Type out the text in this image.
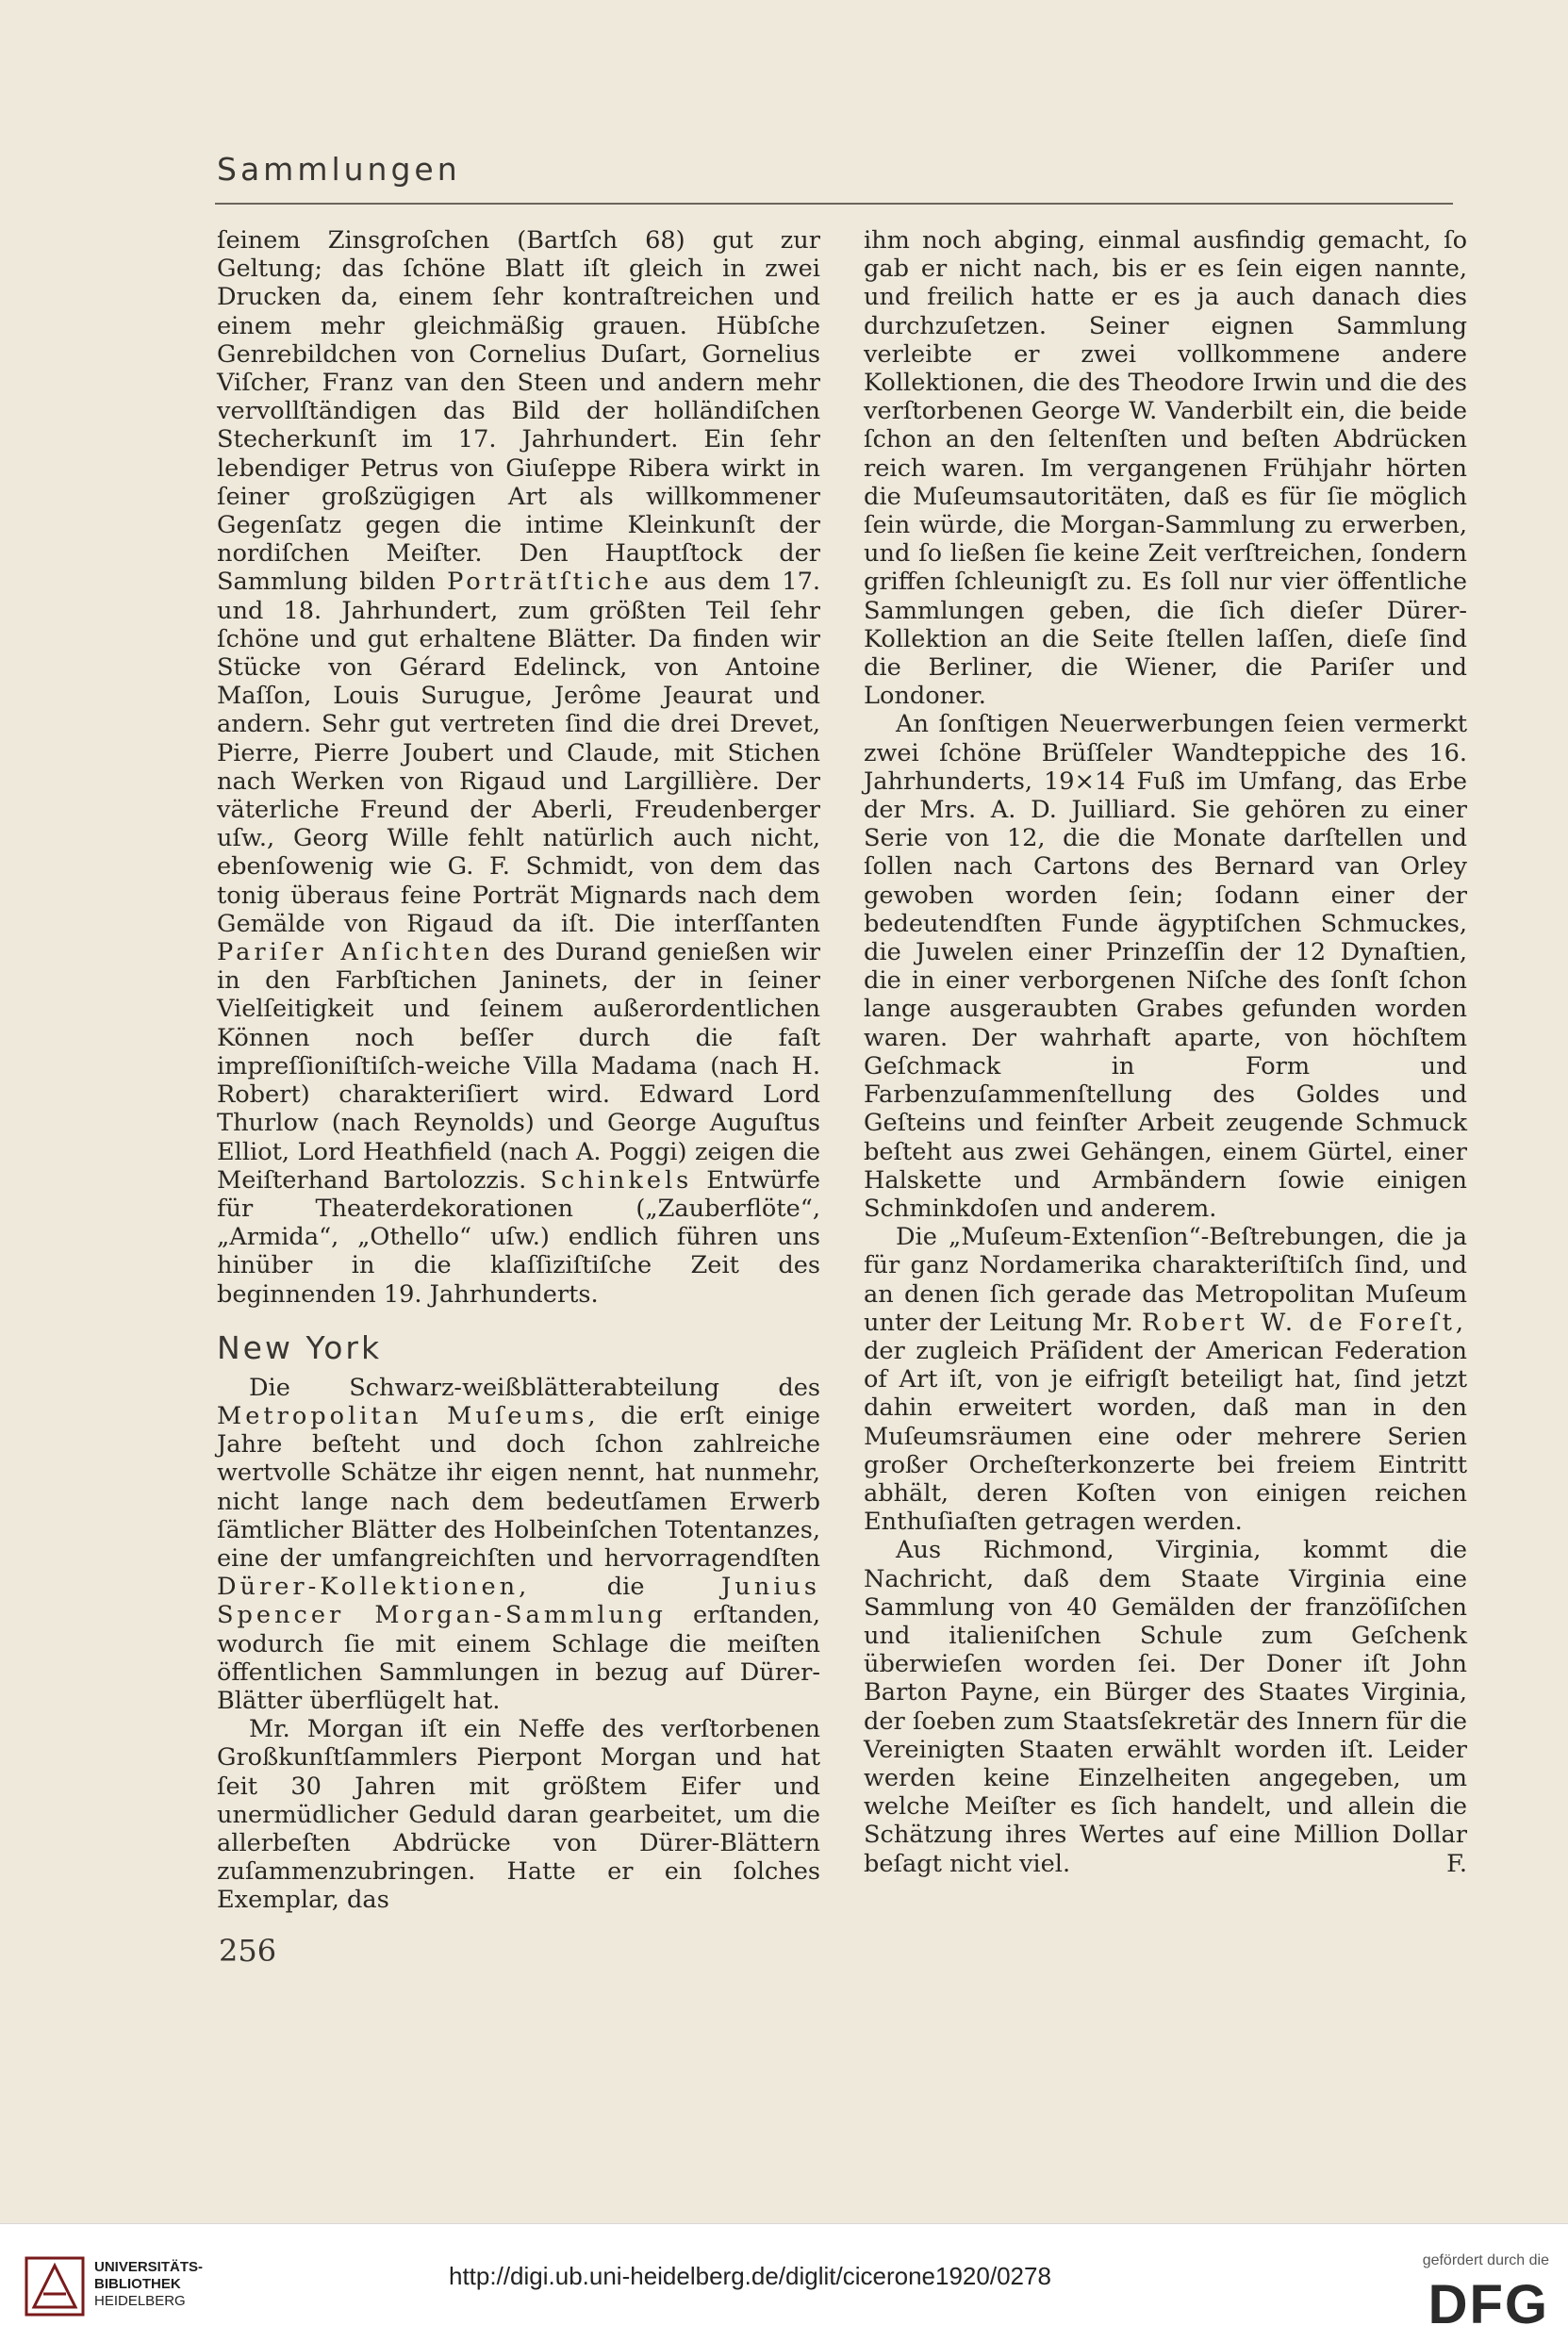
Sammlungen

ſeinem Zinsgroſchen (Bartſch 68) gut zur Geltung; das ſchöne Blatt iſt gleich in zwei Drucken da, einem ſehr kontraſtreichen und einem mehr gleichmäßig grauen. Hübſche Genrebildchen von Cornelius Duſart, Gornelius Viſcher, Franz van den Steen und andern mehr vervollſtändigen das Bild der holländiſchen Stecherkunſt im 17. Jahrhundert. Ein ſehr lebendiger Petrus von Giuſeppe Ribera wirkt in ſeiner großzügigen Art als willkommener Gegenſatz gegen die intime Kleinkunſt der nordiſchen Meiſter. Den Hauptſtock der Sammlung bilden Porträtſtiche aus dem 17. und 18. Jahrhundert, zum größten Teil ſehr ſchöne und gut erhaltene Blätter. Da finden wir Stücke von Gérard Edelinck, von Antoine Maſſon, Louis Surugue, Jerôme Jeaurat und andern. Sehr gut vertreten ſind die drei Drevet, Pierre, Pierre Joubert und Claude, mit Stichen nach Werken von Rigaud und Largillière. Der väterliche Freund der Aberli, Freudenberger uſw., Georg Wille fehlt natürlich auch nicht, ebenſowenig wie G. F. Schmidt, von dem das tonig überaus feine Porträt Mignards nach dem Gemälde von Rigaud da iſt. Die interſſanten Pariſer Anſichten des Durand genießen wir in den Farbſtichen Janinets, der in ſeiner Vielſeitigkeit und ſeinem außerordentlichen Können noch beſſer durch die faſt impreſſioniſtiſch-weiche Villa Madama (nach H. Robert) charakteriſiert wird. Edward Lord Thurlow (nach Reynolds) und George Auguſtus Elliot, Lord Heathfield (nach A. Poggi) zeigen die Meiſterhand Bartolozzis. Schinkels Entwürfe für Theaterdekorationen („Zauberflöte“, „Armida“, „Othello“ uſw.) endlich führen uns hinüber in die klaſſiziſtiſche Zeit des beginnenden 19. Jahrhunderts.

New York

Die Schwarz-weißblätterabteilung des Metropolitan Muſeums, die erſt einige Jahre beſteht und doch ſchon zahlreiche wertvolle Schätze ihr eigen nennt, hat nunmehr, nicht lange nach dem bedeutſamen Erwerb ſämtlicher Blätter des Holbeinſchen Totentanzes, eine der umfangreichſten und hervorragendſten Dürer-Kollektionen,	die	Junius Spencer Morgan-Sammlung erſtanden, wodurch ſie mit einem Schlage die meiſten öffentlichen Sammlungen in bezug auf Dürer-Blätter überflügelt hat.

Mr. Morgan iſt ein Neffe des verſtorbenen Großkunſtſammlers Pierpont Morgan und hat ſeit 30 Jahren mit größtem Eifer und unermüdlicher Geduld daran gearbeitet, um die allerbeſten Abdrücke von Dürer-Blättern zuſammenzubringen. Hatte er ein ſolches Exemplar, das

ihm noch abging, einmal ausfindig gemacht, ſo gab er nicht nach, bis er es ſein eigen nannte, und freilich hatte er es ja auch danach dies durchzuſetzen. Seiner eignen Sammlung verleibte er zwei vollkommene andere Kollektionen, die des Theodore Irwin und die des verſtorbenen George W. Vanderbilt ein, die beide ſchon an den ſeltenſten und beſten Abdrücken reich waren. Im vergangenen Frühjahr hörten die Muſeumsautoritäten, daß es für ſie möglich ſein würde, die Morgan-Sammlung zu erwerben, und ſo ließen ſie keine Zeit verſtreichen, ſondern griffen ſchleunigſt zu. Es ſoll nur vier öffentliche Sammlungen geben, die ſich dieſer Dürer-Kollektion an die Seite ſtellen laſſen, dieſe ſind die Berliner, die Wiener, die Pariſer und Londoner.

An ſonſtigen Neuerwerbungen ſeien vermerkt zwei ſchöne Brüſſeler Wandteppiche des 16. Jahrhunderts, 19×14 Fuß im Umfang, das Erbe der Mrs. A. D. Juilliard. Sie gehören zu einer Serie von 12, die die Monate darſtellen und ſollen nach Cartons des Bernard van Orley gewoben worden ſein; ſodann einer der bedeutendſten Funde ägyptiſchen Schmuckes, die Juwelen einer Prinzeſſin der 12 Dynaſtien, die in einer verborgenen Niſche des ſonſt ſchon lange ausgeraubten Grabes gefunden worden waren. Der wahrhaft aparte, von höchſtem Geſchmack in Form und Farbenzuſammenſtellung des Goldes und Geſteins und feinſter Arbeit zeugende Schmuck beſteht aus zwei Gehängen, einem Gürtel, einer Halskette und Armbändern ſowie einigen Schminkdoſen und anderem.

Die „Muſeum-Extenſion“-Beſtrebungen, die ja für ganz Nordamerika charakteriſtiſch ſind, und an denen ſich gerade das Metropolitan Muſeum unter der Leitung Mr. Robert W. de Foreſt, der zugleich Präſident der American Federation of Art iſt, von je eifrigſt beteiligt hat, ſind jetzt dahin erweitert worden, daß man in den Muſeumsräumen eine oder mehrere Serien großer Orcheſterkonzerte bei freiem Eintritt abhält, deren Koſten von einigen reichen Enthuſiaſten getragen werden.

Aus Richmond, Virginia, kommt die Nachricht, daß dem Staate Virginia eine Sammlung von 40 Gemälden der franzöſiſchen und italieniſchen Schule zum Geſchenk überwieſen worden ſei. Der Doner iſt John Barton Payne, ein Bürger des Staates Virginia, der ſoeben zum Staatsſekretär des Innern für die Vereinigten Staaten erwählt worden iſt. Leider werden keine Einzelheiten angegeben, um welche Meiſter es ſich handelt, und allein die Schätzung ihres Wertes auf eine Million Dollar beſagt nicht viel.	F.

256
UNIVERSITÄTS-
BIBLIOTHEK
HEIDELBERG
http://digi.ub.uni-heidelberg.de/diglit/cicerone1920/0278
gefördert durch die
DFG
